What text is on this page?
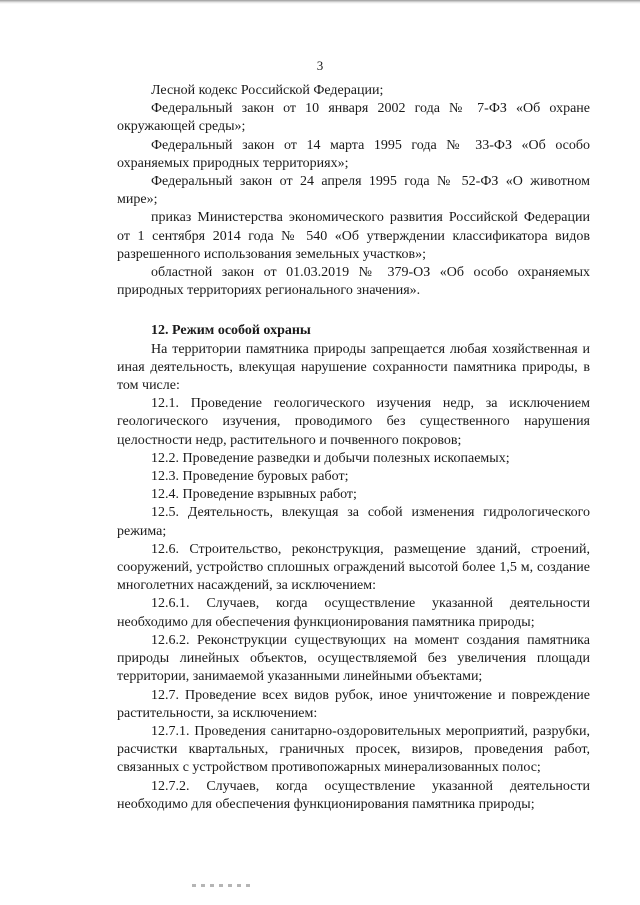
3

Лесной кодекс Российской Федерации;

Федеральный закон от 10 января 2002 года № 7-ФЗ «Об охране окружающей среды»;

Федеральный закон от 14 марта 1995 года № 33-ФЗ «Об особо охраняемых природных территориях»;

Федеральный закон от 24 апреля 1995 года № 52-ФЗ «О животном мире»;

приказ Министерства экономического развития Российской Федерации от 1 сентября 2014 года № 540 «Об утверждении классификатора видов разрешенного использования земельных участков»;

областной закон от 01.03.2019 № 379-ОЗ «Об особо охраняемых природных территориях регионального значения».

12. Режим особой охраны

На территории памятника природы запрещается любая хозяйственная и иная деятельность, влекущая нарушение сохранности памятника природы, в том числе:

12.1. Проведение геологического изучения недр, за исключением геологического изучения, проводимого без существенного нарушения целостности недр, растительного и почвенного покровов;

12.2. Проведение разведки и добычи полезных ископаемых;

12.3. Проведение буровых работ;

12.4. Проведение взрывных работ;

12.5. Деятельность, влекущая за собой изменения гидрологического режима;

12.6. Строительство, реконструкция, размещение зданий, строений, сооружений, устройство сплошных ограждений высотой более 1,5 м, создание многолетних насаждений, за исключением:

12.6.1. Случаев, когда осуществление указанной деятельности необходимо для обеспечения функционирования памятника природы;

12.6.2. Реконструкции существующих на момент создания памятника природы линейных объектов, осуществляемой без увеличения площади территории, занимаемой указанными линейными объектами;

12.7. Проведение всех видов рубок, иное уничтожение и повреждение растительности, за исключением:

12.7.1. Проведения санитарно-оздоровительных мероприятий, разрубки, расчистки квартальных, граничных просек, визиров, проведения работ, связанных с устройством противопожарных минерализованных полос;

12.7.2. Случаев, когда осуществление указанной деятельности необходимо для обеспечения функционирования памятника природы;
